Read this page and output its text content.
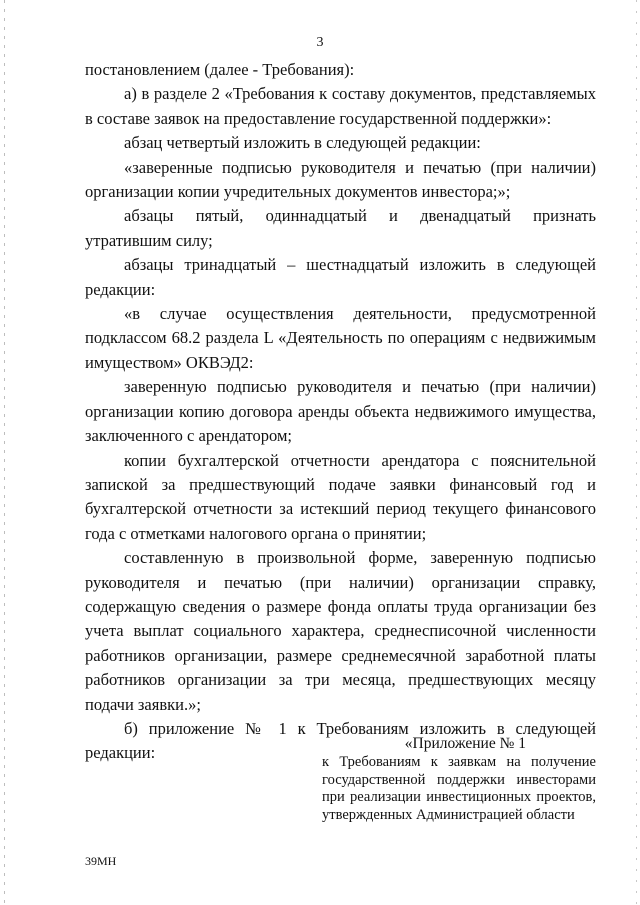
3

постановлением (далее - Требования):

а) в разделе 2 «Требования к составу документов, представляемых в составе заявок на предоставление государственной поддержки»:

абзац четвертый изложить в следующей редакции:

«заверенные подписью руководителя и печатью (при наличии) организации копии учредительных документов инвестора;»;

абзацы пятый, одиннадцатый и двенадцатый признать утратившим силу;

абзацы тринадцатый – шестнадцатый изложить в следующей редакции:

«в случае осуществления деятельности, предусмотренной подклассом 68.2 раздела L «Деятельность по операциям с недвижимым имуществом» ОКВЭД2:

заверенную подписью руководителя и печатью (при наличии) организации копию договора аренды объекта недвижимого имущества, заключенного с арендатором;

копии бухгалтерской отчетности арендатора с пояснительной запиской за предшествующий подаче заявки финансовый год и бухгалтерской отчетности за истекший период текущего финансового года с отметками налогового органа о принятии;

составленную в произвольной форме, заверенную подписью руководителя и печатью (при наличии) организации справку, содержащую сведения о размере фонда оплаты труда организации без учета выплат социального характера, среднесписочной численности работников организации, размере среднемесячной заработной платы работников организации за три месяца, предшествующих месяцу подачи заявки.»;

б) приложение № 1 к Требованиям изложить в следующей редакции:	«Приложение № 1
к Требованиям к заявкам на получение государственной поддержки инвесторами при реализации инвестиционных проектов, утвержденных Администрацией области
39МН
